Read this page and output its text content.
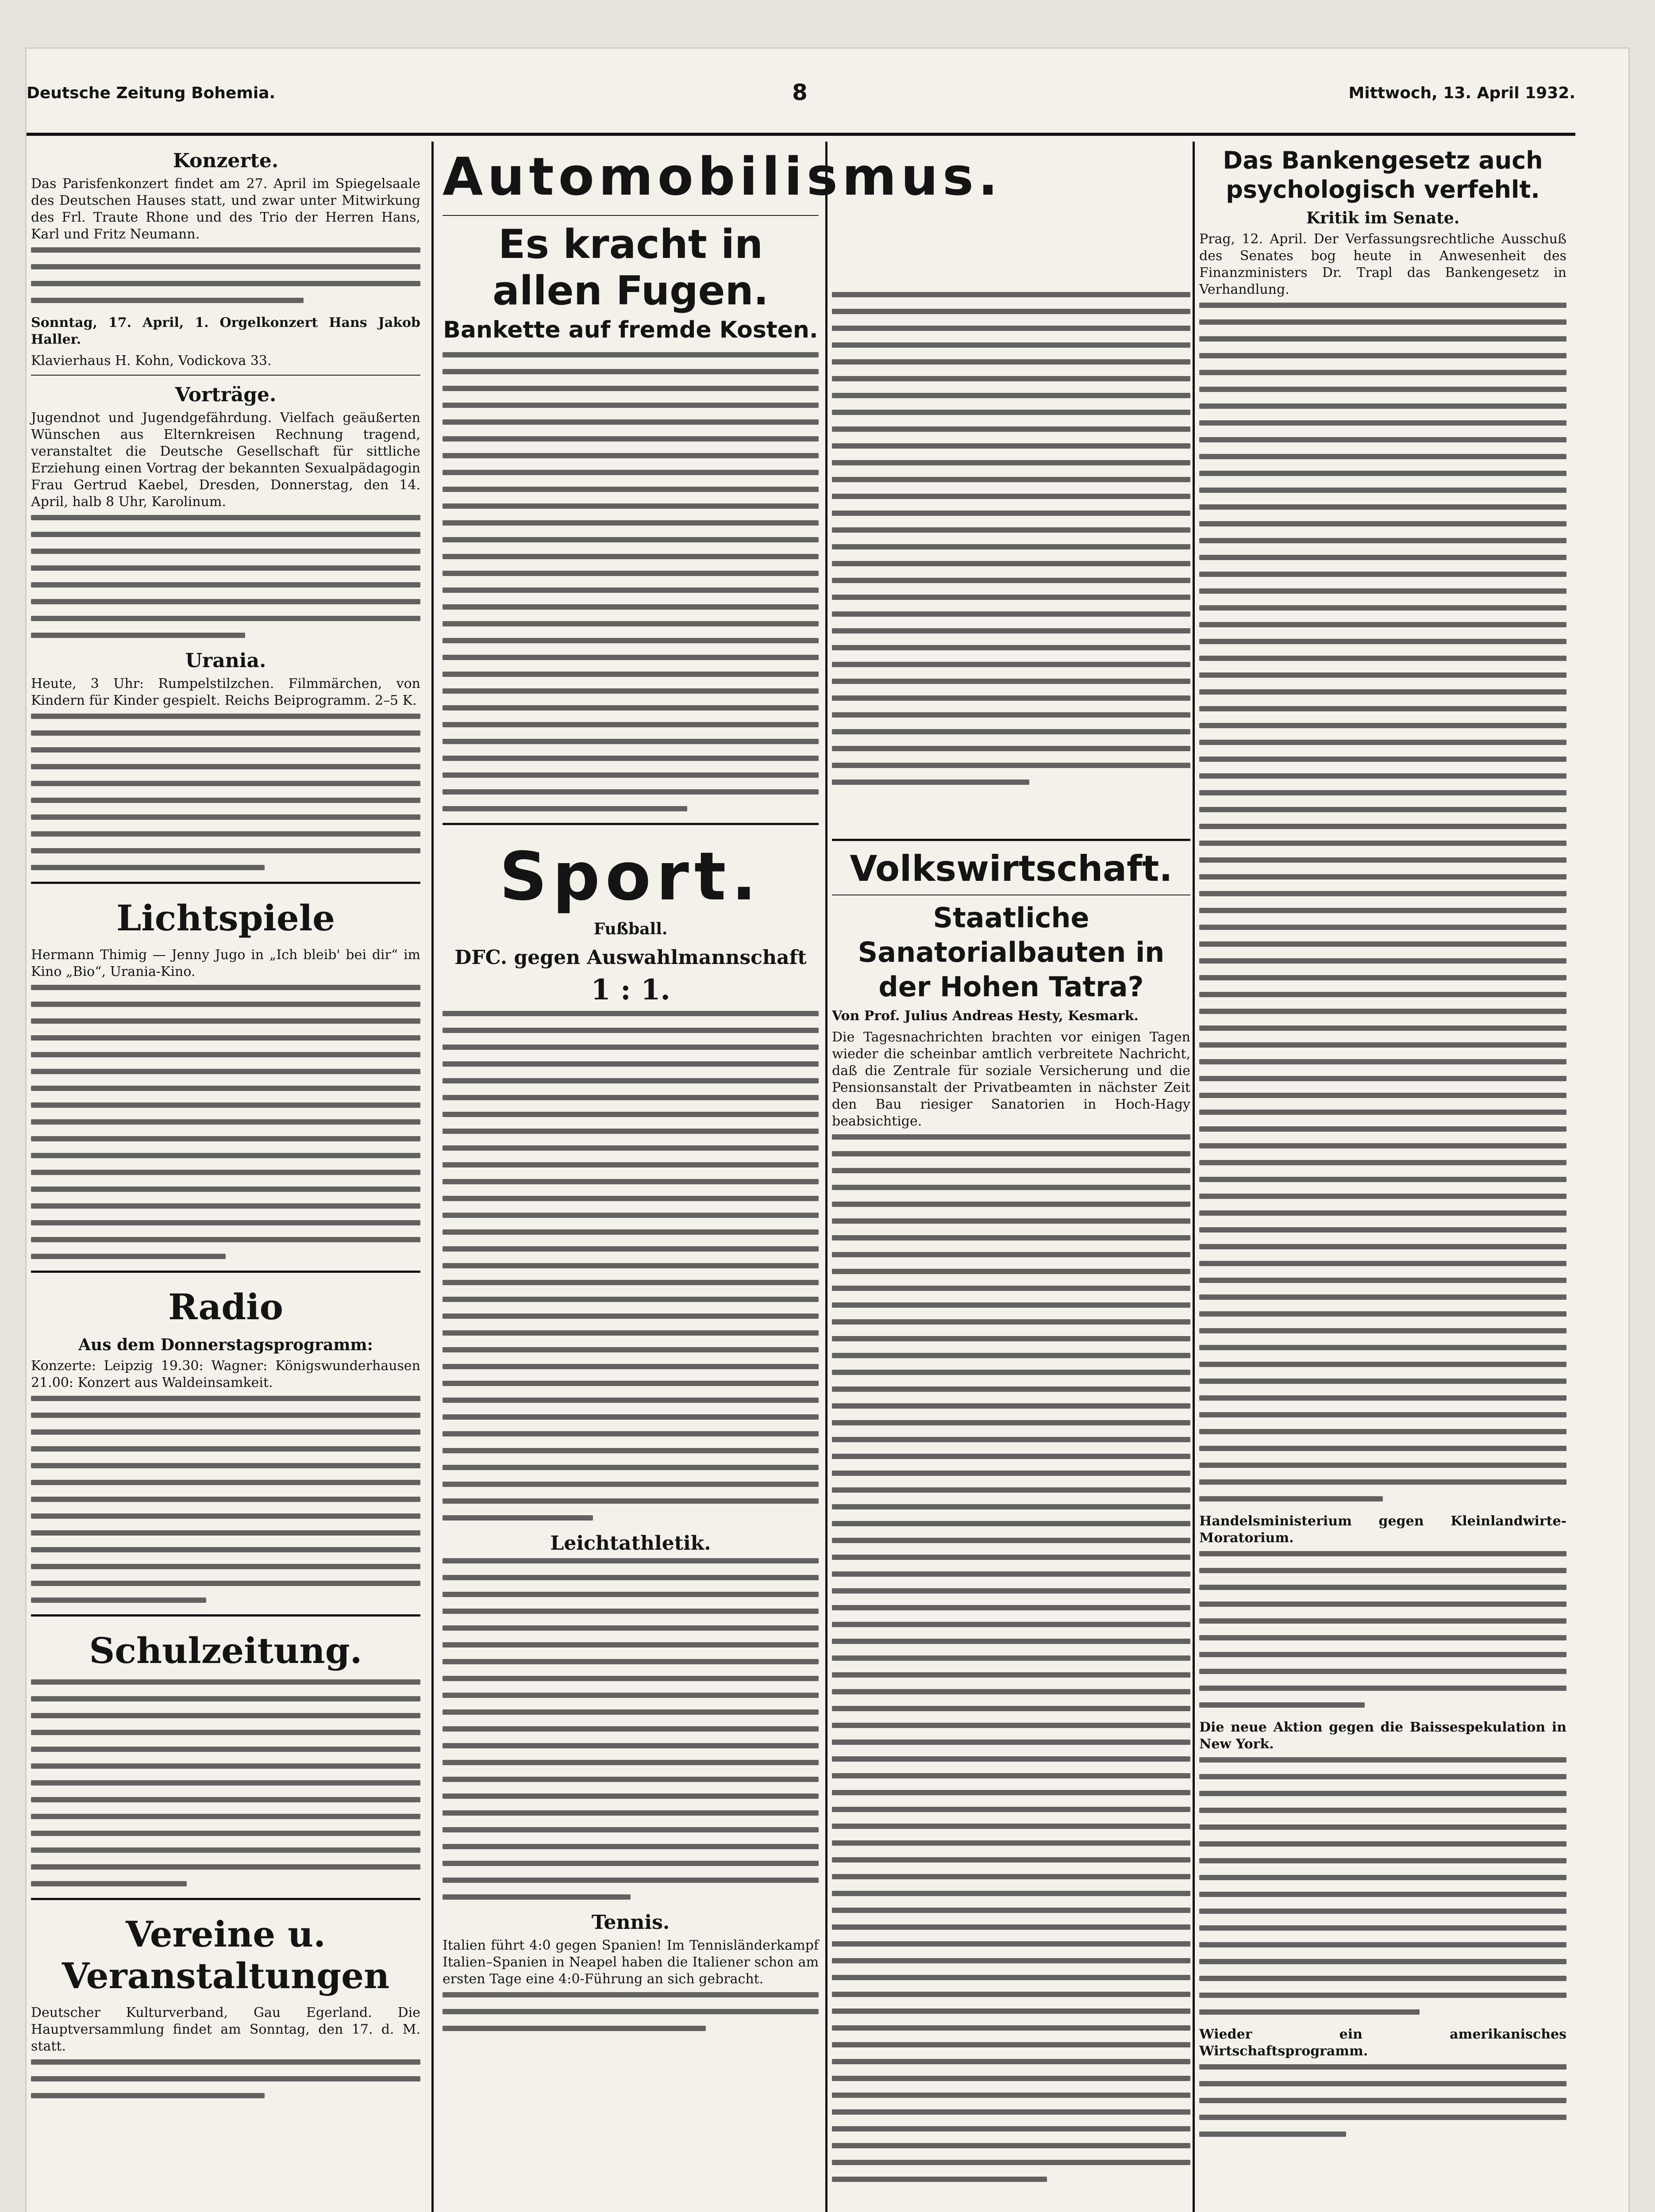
Deutsche Zeitung Bohemia.	8	Mittwoch, 13. April 1932.
Konzerte.

Das Parisfenkonzert findet am 27. April im Spiegelsaale des Deutschen Hauses statt, und zwar unter Mitwirkung des Frl. Traute Rhone und des Trio der Herren Hans, Karl und Fritz Neumann.

Sonntag, 17. April, 1. Orgelkonzert Hans Jakob Haller.

Klavierhaus H. Kohn, Vodickova 33.

Vorträge.

Jugendnot und Jugendgefährdung. Vielfach geäußerten Wünschen aus Elternkreisen Rechnung tragend, veranstaltet die Deutsche Gesellschaft für sittliche Erziehung einen Vortrag der bekannten Sexualpädagogin Frau Gertrud Kaebel, Dresden, Donnerstag, den 14. April, halb 8 Uhr, Karolinum.

Urania.

Heute, 3 Uhr: Rumpelstilzchen. Filmmärchen, von Kindern für Kinder gespielt. Reichs Beiprogramm. 2–5 K.

Lichtspiele

Hermann Thimig — Jenny Jugo in „Ich bleib' bei dir“ im Kino „Bio“, Urania-Kino.

Radio
Aus dem Donnerstagsprogramm:

Konzerte: Leipzig 19.30: Wagner: Königswunderhausen 21.00: Konzert aus Waldeinsamkeit.

Schulzeitung.
Vereine u. Veranstaltungen

Deutscher Kulturverband, Gau Egerland. Die Hauptversammlung findet am Sonntag, den 17. d. M. statt.

Automobilismus.
Es kracht in allen Fugen.
Bankette auf fremde Kosten.
Sport.
Fußball.
DFC. gegen Auswahlmannschaft
1 : 1.
Leichtathletik.
Tennis.

Italien führt 4:0 gegen Spanien! Im Tennisländerkampf Italien–Spanien in Neapel haben die Italiener schon am ersten Tage eine 4:0-Führung an sich gebracht.

Volkswirtschaft.
Staatliche Sanatorialbauten in der Hohen Tatra?

Von Prof. Julius Andreas Hesty, Kesmark.

Die Tagesnachrichten brachten vor einigen Tagen wieder die scheinbar amtlich verbreitete Nachricht, daß die Zentrale für soziale Versicherung und die Pensionsanstalt der Privatbeamten in nächster Zeit den Bau riesiger Sanatorien in Hoch-Hagy beabsichtige.

Das Bankengesetz auch psychologisch verfehlt.
Kritik im Senate.

Prag, 12. April. Der Verfassungsrechtliche Ausschuß des Senates bog heute in Anwesenheit des Finanzministers Dr. Trapl das Bankengesetz in Verhandlung.

Handelsministerium gegen Kleinlandwirte-Moratorium.

Die neue Aktion gegen die Baissespekulation in New York.

Wieder ein amerikanisches Wirtschaftsprogramm.
